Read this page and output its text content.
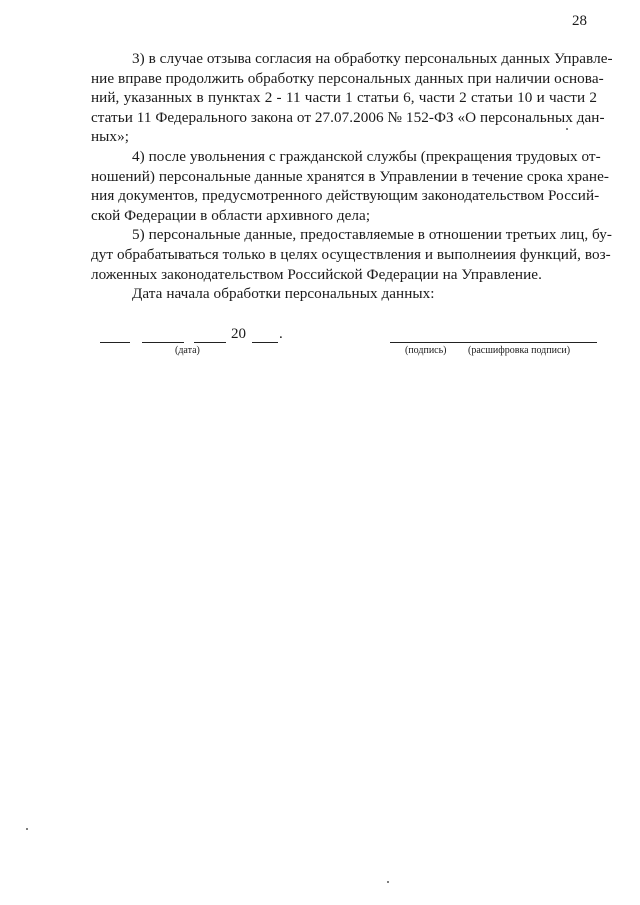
28
3) в случае отзыва согласия на обработку персональных данных Управле-
ние вправе продолжить обработку персональных данных при наличии основа-
ний, указанных в пунктах 2 - 11 части 1 статьи 6, части 2 статьи 10 и части 2
статьи 11 Федерального закона от 27.07.2006 № 152-ФЗ «О персональных дан-
ных»;
4) после увольнения с гражданской службы (прекращения трудовых от-
ношений) персональные данные хранятся в Управлении в течение срока хране-
ния документов, предусмотренного действующим законодательством Россий-
ской Федерации в области архивного дела;
5) персональные данные, предоставляемые в отношении третьих лиц, бу-
дут обрабатываться только в целях осуществления и выполнеиия функций, воз-
ложенных законодательством Российской Федерации на Управление.
Дата начала обработки персональных данных:
20 .
(дата)	(подпись) (расшифровка подписи)
